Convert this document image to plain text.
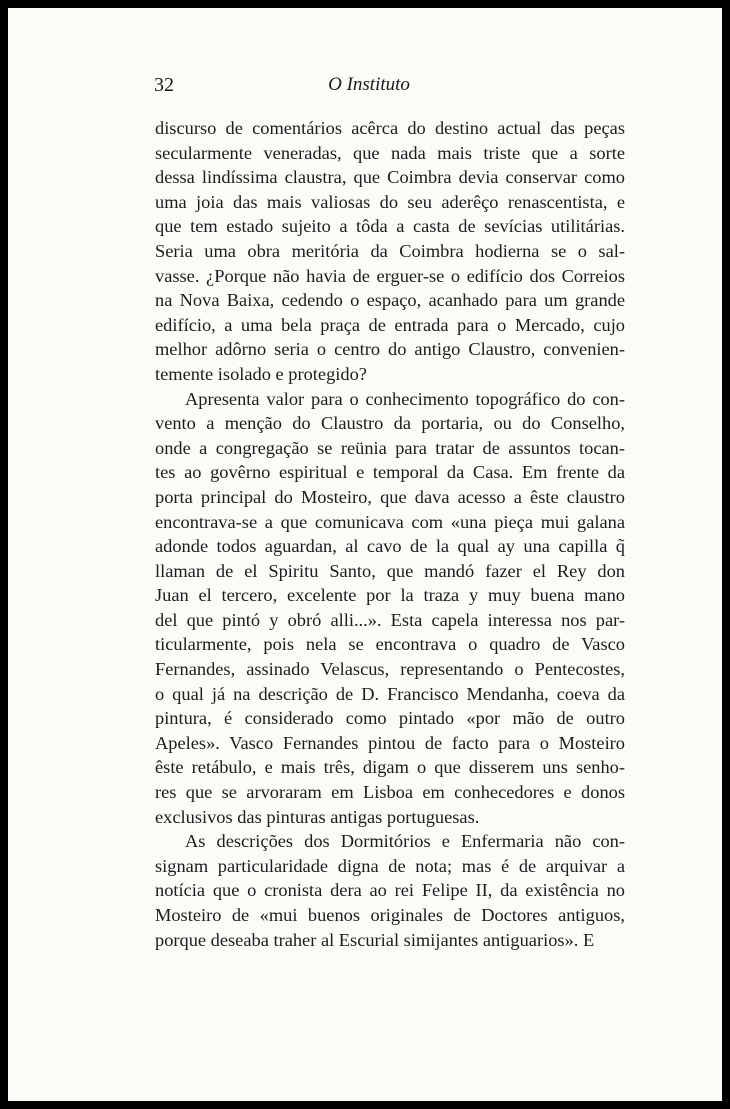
32	O Instituto
discurso de comentários acêrca do destino actual das peças
secularmente veneradas, que nada mais triste que a sorte
dessa lindíssima claustra, que Coimbra devia conservar como
uma joia das mais valiosas do seu aderêço renascentista, e
que tem estado sujeito a tôda a casta de sevícias utilitárias.
Seria uma obra meritória da Coimbra hodierna se o sal-
vasse. ¿Porque não havia de erguer-se o edifício dos Correios
na Nova Baixa, cedendo o espaço, acanhado para um grande
edifício, a uma bela praça de entrada para o Mercado, cujo
melhor adôrno seria o centro do antigo Claustro, convenien-
temente isolado e protegido?
Apresenta valor para o conhecimento topográfico do con-
vento a menção do Claustro da portaria, ou do Conselho,
onde a congregação se reünia para tratar de assuntos tocan-
tes ao govêrno espiritual e temporal da Casa. Em frente da
porta principal do Mosteiro, que dava acesso a êste claustro
encontrava-se a que comunicava com «una pieça mui galana
adonde todos aguardan, al cavo de la qual ay una capilla q̃
llaman de el Spiritu Santo, que mandó fazer el Rey don
Juan el tercero, excelente por la traza y muy buena mano
del que pintó y obró alli...». Esta capela interessa nos par-
ticularmente, pois nela se encontrava o quadro de Vasco
Fernandes, assinado Velascus, representando o Pentecostes,
o qual já na descrição de D. Francisco Mendanha, coeva da
pintura, é considerado como pintado «por mão de outro
Apeles». Vasco Fernandes pintou de facto para o Mosteiro
êste retábulo, e mais três, digam o que disserem uns senho-
res que se arvoraram em Lisboa em conhecedores e donos
exclusivos das pinturas antigas portuguesas.
As descrições dos Dormitórios e Enfermaria não con-
signam particularidade digna de nota; mas é de arquivar a
notícia que o cronista dera ao rei Felipe II, da existência no
Mosteiro de «mui buenos originales de Doctores antiguos,
porque deseaba traher al Escurial simijantes antiguarios». E
